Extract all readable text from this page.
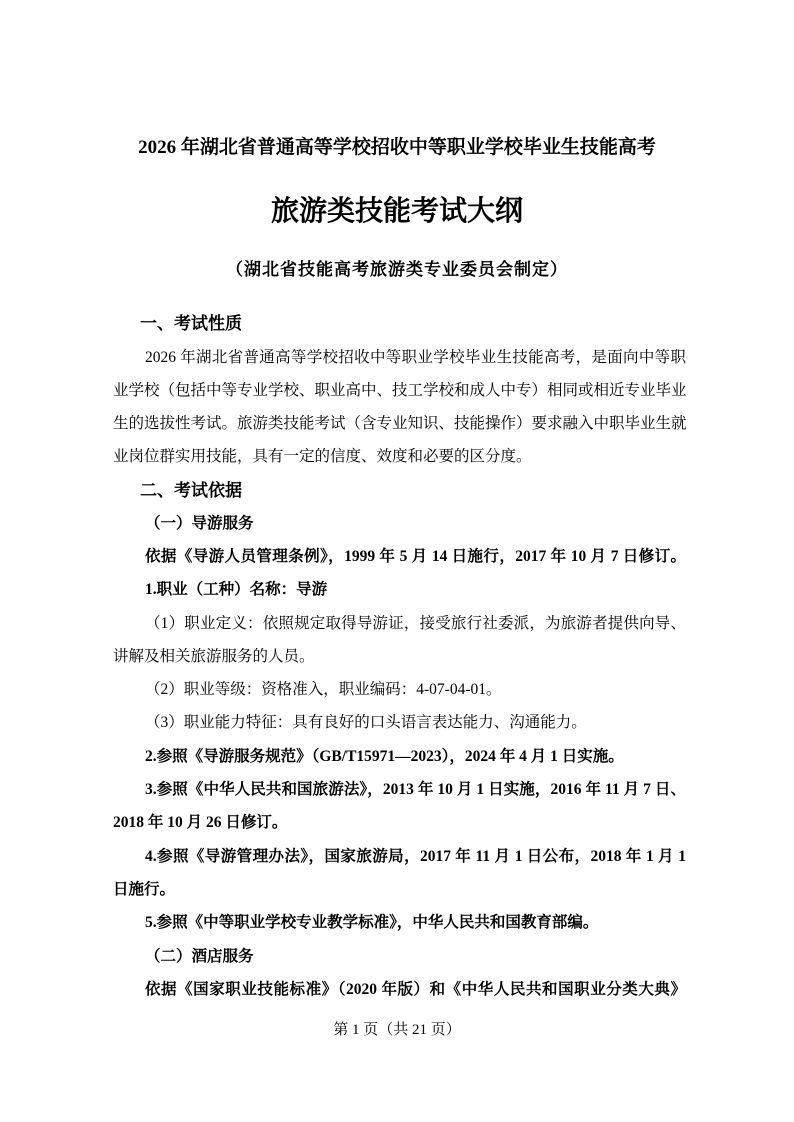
2026 年湖北省普通高等学校招收中等职业学校毕业生技能高考
旅游类技能考试大纲
（湖北省技能高考旅游类专业委员会制定）
一、考试性质
2026 年湖北省普通高等学校招收中等职业学校毕业生技能高考，是面向中等职
业学校（包括中等专业学校、职业高中、技工学校和成人中专）相同或相近专业毕业
生的选拔性考试。旅游类技能考试（含专业知识、技能操作）要求融入中职毕业生就
业岗位群实用技能，具有一定的信度、效度和必要的区分度。
二、考试依据
（一）导游服务
依据《导游人员管理条例》，1999 年 5 月 14 日施行，2017 年 10 月 7 日修订。
1.职业（工种）名称：导游
（1）职业定义：依照规定取得导游证，接受旅行社委派，为旅游者提供向导、
讲解及相关旅游服务的人员。
（2）职业等级：资格准入，职业编码：4-07-04-01。
（3）职业能力特征：具有良好的口头语言表达能力、沟通能力。
2.参照《导游服务规范》（GB/T15971—2023），2024 年 4 月 1 日实施。
3.参照《中华人民共和国旅游法》，2013 年 10 月 1 日实施，2016 年 11 月 7 日、
2018 年 10 月 26 日修订。
4.参照《导游管理办法》，国家旅游局，2017 年 11 月 1 日公布，2018 年 1 月 1
日施行。
5.参照《中等职业学校专业教学标准》，中华人民共和国教育部编。
（二）酒店服务
依据《国家职业技能标准》（2020 年版）和《中华人民共和国职业分类大典》
第 1 页（共 21 页）
